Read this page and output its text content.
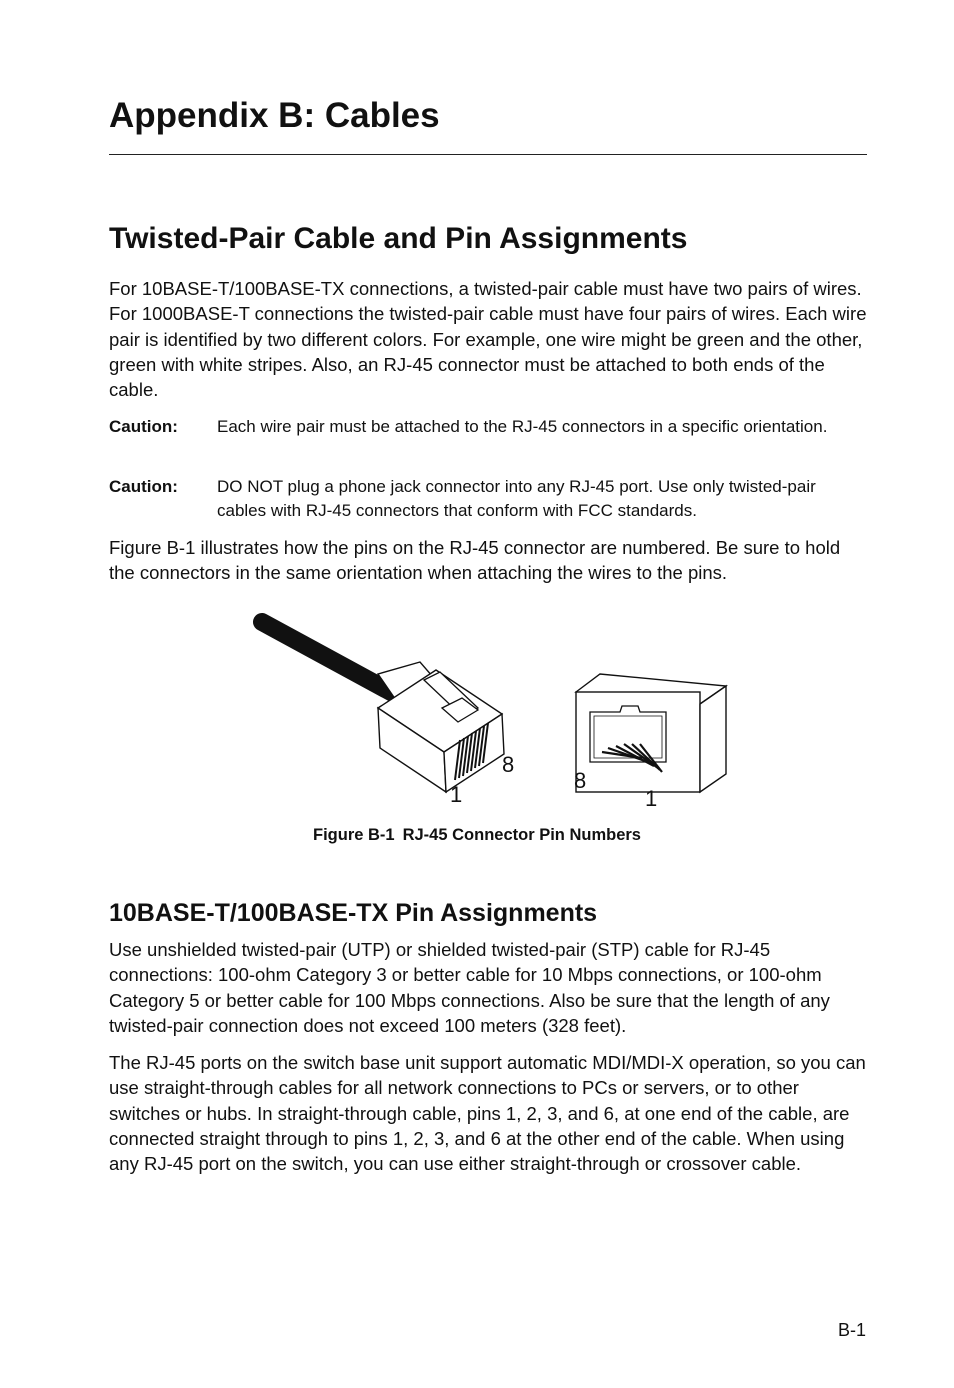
Appendix B: Cables
Twisted-Pair Cable and Pin Assignments

For 10BASE-T/100BASE-TX connections, a twisted-pair cable must have two pairs of wires. For 1000BASE-T connections the twisted-pair cable must have four pairs of wires. Each wire pair is identified by two different colors. For example, one wire might be green and the other, green with white stripes. Also, an RJ-45 connector must be attached to both ends of the cable.

Caution: Each wire pair must be attached to the RJ-45 connectors in a specific orientation.
Caution: DO NOT plug a phone jack connector into any RJ-45 port. Use only twisted-pair cables with RJ-45 connectors that conform with FCC standards.

Figure B-1 illustrates how the pins on the RJ-45 connector are numbered. Be sure to hold the connectors in the same orientation when attaching the wires to the pins.

1
8
8
1
Figure B-1 RJ-45 Connector Pin Numbers
10BASE-T/100BASE-TX Pin Assignments

Use unshielded twisted-pair (UTP) or shielded twisted-pair (STP) cable for RJ-45 connections: 100-ohm Category 3 or better cable for 10 Mbps connections, or 100-ohm Category 5 or better cable for 100 Mbps connections. Also be sure that the length of any twisted-pair connection does not exceed 100 meters (328 feet).

The RJ-45 ports on the switch base unit support automatic MDI/MDI-X operation, so you can use straight-through cables for all network connections to PCs or servers, or to other switches or hubs. In straight-through cable, pins 1, 2, 3, and 6, at one end of the cable, are connected straight through to pins 1, 2, 3, and 6 at the other end of the cable. When using any RJ-45 port on the switch, you can use either straight-through or crossover cable.

B-1
